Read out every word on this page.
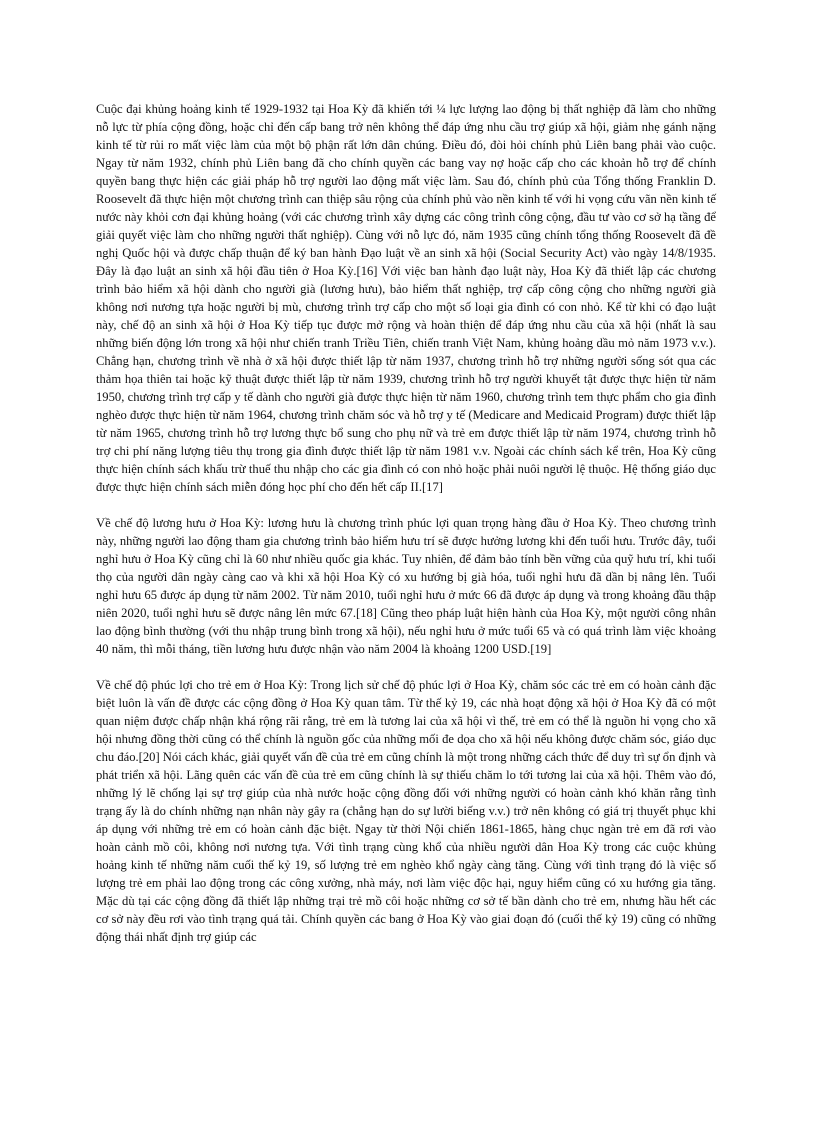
Cuộc đại khủng hoảng kinh tế 1929-1932 tại Hoa Kỳ đã khiến tới ¼ lực lượng lao động bị thất nghiệp đã làm cho những nỗ lực từ phía cộng đồng, hoặc chỉ đến cấp bang trở nên không thể đáp ứng nhu cầu trợ giúp xã hội, giảm nhẹ gánh nặng kinh tế từ rủi ro mất việc làm của một bộ phận rất lớn dân chúng. Điều đó, đòi hỏi chính phủ Liên bang phải vào cuộc. Ngay từ năm 1932, chính phủ Liên bang đã cho chính quyền các bang vay nợ hoặc cấp cho các khoản hỗ trợ để chính quyền bang thực hiện các giải pháp hỗ trợ người lao động mất việc làm. Sau đó, chính phủ của Tổng thống Franklin D. Roosevelt đã thực hiện một chương trình can thiệp sâu rộng của chính phủ vào nền kinh tế với hi vọng cứu vãn nền kinh tế nước này khỏi cơn đại khủng hoảng (với các chương trình xây dựng các công trình công cộng, đầu tư vào cơ sở hạ tầng để giải quyết việc làm cho những người thất nghiệp). Cùng với nỗ lực đó, năm 1935 cũng chính tổng thống Roosevelt đã đề nghị Quốc hội và được chấp thuận để ký ban hành Đạo luật về an sinh xã hội (Social Security Act) vào ngày 14/8/1935. Đây là đạo luật an sinh xã hội đầu tiên ở Hoa Kỳ.[16] Với việc ban hành đạo luật này, Hoa Kỳ đã thiết lập các chương trình bảo hiểm xã hội dành cho người già (lương hưu), bảo hiểm thất nghiệp, trợ cấp công cộng cho những người già không nơi nương tựa hoặc người bị mù, chương trình trợ cấp cho một số loại gia đình có con nhỏ. Kể từ khi có đạo luật này, chế độ an sinh xã hội ở Hoa Kỳ tiếp tục được mở rộng và hoàn thiện để đáp ứng nhu cầu của xã hội (nhất là sau những biến động lớn trong xã hội như chiến tranh Triều Tiên, chiến tranh Việt Nam, khủng hoảng dầu mỏ năm 1973 v.v.). Chẳng hạn, chương trình về nhà ở xã hội được thiết lập từ năm 1937, chương trình hỗ trợ những người sống sót qua các thảm họa thiên tai hoặc kỹ thuật được thiết lập từ năm 1939, chương trình hỗ trợ người khuyết tật được thực hiện từ năm 1950, chương trình trợ cấp y tế dành cho người già được thực hiện từ năm 1960, chương trình tem thực phẩm cho gia đình nghèo được thực hiện từ năm 1964, chương trình chăm sóc và hỗ trợ y tế (Medicare and Medicaid Program) được thiết lập từ năm 1965, chương trình hỗ trợ lương thực bổ sung cho phụ nữ và trẻ em được thiết lập từ năm 1974, chương trình hỗ trợ chi phí năng lượng tiêu thụ trong gia đình được thiết lập từ năm 1981 v.v. Ngoài các chính sách kể trên, Hoa Kỳ cũng thực hiện chính sách khấu trừ thuế thu nhập cho các gia đình có con nhỏ hoặc phải nuôi người lệ thuộc. Hệ thống giáo dục được thực hiện chính sách miễn đóng học phí cho đến hết cấp II.[17]

Về chế độ lương hưu ở Hoa Kỳ: lương hưu là chương trình phúc lợi quan trọng hàng đầu ở Hoa Kỳ. Theo chương trình này, những người lao động tham gia chương trình bảo hiểm hưu trí sẽ được hưởng lương khi đến tuổi hưu. Trước đây, tuổi nghỉ hưu ở Hoa Kỳ cũng chỉ là 60 như nhiều quốc gia khác. Tuy nhiên, để đảm bảo tính bền vững của quỹ hưu trí, khi tuổi thọ của người dân ngày càng cao và khi xã hội Hoa Kỳ có xu hướng bị già hóa, tuổi nghỉ hưu đã dần bị nâng lên. Tuổi nghỉ hưu 65 được áp dụng từ năm 2002. Từ năm 2010, tuổi nghỉ hưu ở mức 66 đã được áp dụng và trong khoảng đầu thập niên 2020, tuổi nghỉ hưu sẽ được nâng lên mức 67.[18] Cũng theo pháp luật hiện hành của Hoa Kỳ, một người công nhân lao động bình thường (với thu nhập trung bình trong xã hội), nếu nghỉ hưu ở mức tuổi 65 và có quá trình làm việc khoảng 40 năm, thì mỗi tháng, tiền lương hưu được nhận vào năm 2004 là khoảng 1200 USD.[19]

Về chế độ phúc lợi cho trẻ em ở Hoa Kỳ: Trong lịch sử chế độ phúc lợi ở Hoa Kỳ, chăm sóc các trẻ em có hoàn cảnh đặc biệt luôn là vấn đề được các cộng đồng ở Hoa Kỳ quan tâm. Từ thế kỷ 19, các nhà hoạt động xã hội ở Hoa Kỳ đã có một quan niệm được chấp nhận khá rộng rãi rằng, trẻ em là tương lai của xã hội vì thế, trẻ em có thể là nguồn hi vọng cho xã hội nhưng đồng thời cũng có thể chính là nguồn gốc của những mối đe dọa cho xã hội nếu không được chăm sóc, giáo dục chu đáo.[20] Nói cách khác, giải quyết vấn đề của trẻ em cũng chính là một trong những cách thức để duy trì sự ổn định và phát triển xã hội. Lãng quên các vấn đề của trẻ em cũng chính là sự thiếu chăm lo tới tương lai của xã hội. Thêm vào đó, những lý lẽ chống lại sự trợ giúp của nhà nước hoặc cộng đồng đối với những người có hoàn cảnh khó khăn rằng tình trạng ấy là do chính những nạn nhân này gây ra (chẳng hạn do sự lười biếng v.v.) trở nên không có giá trị thuyết phục khi áp dụng với những trẻ em có hoàn cảnh đặc biệt. Ngay từ thời Nội chiến 1861-1865, hàng chục ngàn trẻ em đã rơi vào hoàn cảnh mồ côi, không nơi nương tựa. Với tình trạng cùng khổ của nhiều người dân Hoa Kỳ trong các cuộc khủng hoảng kinh tế những năm cuối thế kỷ 19, số lượng trẻ em nghèo khổ ngày càng tăng. Cùng với tình trạng đó là việc số lượng trẻ em phải lao động trong các công xưởng, nhà máy, nơi làm việc độc hại, nguy hiểm cũng có xu hướng gia tăng. Mặc dù tại các cộng đồng đã thiết lập những trại trẻ mồ côi hoặc những cơ sở tế bần dành cho trẻ em, nhưng hầu hết các cơ sở này đều rơi vào tình trạng quá tải. Chính quyền các bang ở Hoa Kỳ vào giai đoạn đó (cuối thế kỷ 19) cũng có những động thái nhất định trợ giúp các
